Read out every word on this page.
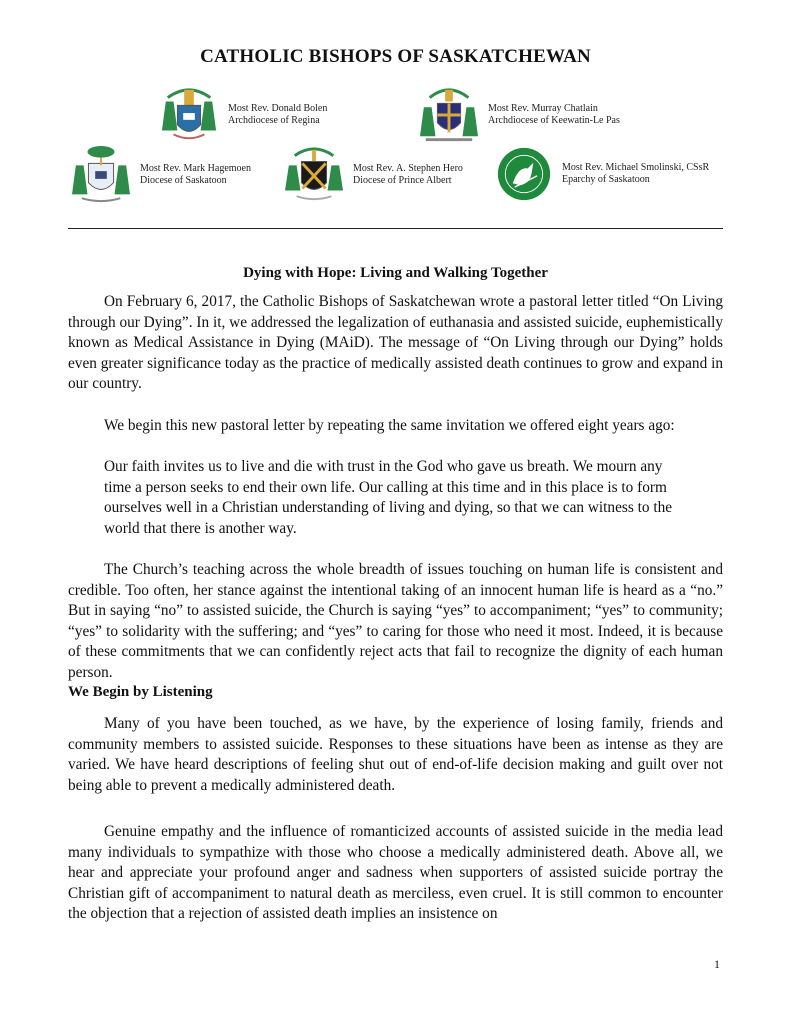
CATHOLIC BISHOPS OF SASKATCHEWAN
Most Rev. Donald Bolen
Archdiocese of Regina
Most Rev. Murray Chatlain
Archdiocese of Keewatin-Le Pas
Most Rev. Mark Hagemoen
Diocese of Saskatoon
Most Rev. A. Stephen Hero
Diocese of Prince Albert
Most Rev. Michael Smolinski, CSsR
Eparchy of Saskatoon
Dying with Hope: Living and Walking Together

On February 6, 2017, the Catholic Bishops of Saskatchewan wrote a pastoral letter titled “On Living through our Dying”. In it, we addressed the legalization of euthanasia and assisted suicide, euphemistically known as Medical Assistance in Dying (MAiD). The message of “On Living through our Dying” holds even greater significance today as the practice of medically assisted death continues to grow and expand in our country.

We begin this new pastoral letter by repeating the same invitation we offered eight years ago:

Our faith invites us to live and die with trust in the God who gave us breath. We mourn any time a person seeks to end their own life. Our calling at this time and in this place is to form ourselves well in a Christian understanding of living and dying, so that we can witness to the world that there is another way.

The Church’s teaching across the whole breadth of issues touching on human life is consistent and credible. Too often, her stance against the intentional taking of an innocent human life is heard as a “no.” But in saying “no” to assisted suicide, the Church is saying “yes” to accompaniment; “yes” to community; “yes” to solidarity with the suffering; and “yes” to caring for those who need it most. Indeed, it is because of these commitments that we can confidently reject acts that fail to recognize the dignity of each human person.

We Begin by Listening

Many of you have been touched, as we have, by the experience of losing family, friends and community members to assisted suicide. Responses to these situations have been as intense as they are varied. We have heard descriptions of feeling shut out of end-of-life decision making and guilt over not being able to prevent a medically administered death.

Genuine empathy and the influence of romanticized accounts of assisted suicide in the media lead many individuals to sympathize with those who choose a medically administered death. Above all, we hear and appreciate your profound anger and sadness when supporters of assisted suicide portray the Christian gift of accompaniment to natural death as merciless, even cruel. It is still common to encounter the objection that a rejection of assisted death implies an insistence on

1
